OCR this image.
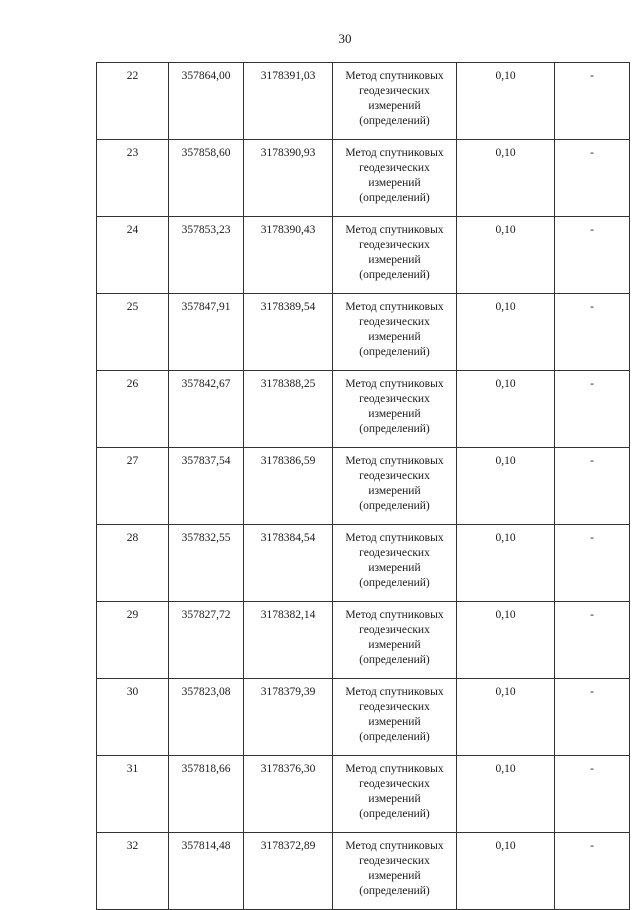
30
22	357864,00	3178391,03	Метод спутниковых геодезических измерений (определений)	0,10	-
23	357858,60	3178390,93	Метод спутниковых геодезических измерений (определений)	0,10	-
24	357853,23	3178390,43	Метод спутниковых геодезических измерений (определений)	0,10	-
25	357847,91	3178389,54	Метод спутниковых геодезических измерений (определений)	0,10	-
26	357842,67	3178388,25	Метод спутниковых геодезических измерений (определений)	0,10	-
27	357837,54	3178386,59	Метод спутниковых геодезических измерений (определений)	0,10	-
28	357832,55	3178384,54	Метод спутниковых геодезических измерений (определений)	0,10	-
29	357827,72	3178382,14	Метод спутниковых геодезических измерений (определений)	0,10	-
30	357823,08	3178379,39	Метод спутниковых геодезических измерений (определений)	0,10	-
31	357818,66	3178376,30	Метод спутниковых геодезических измерений (определений)	0,10	-
32	357814,48	3178372,89	Метод спутниковых геодезических измерений (определений)	0,10	-
